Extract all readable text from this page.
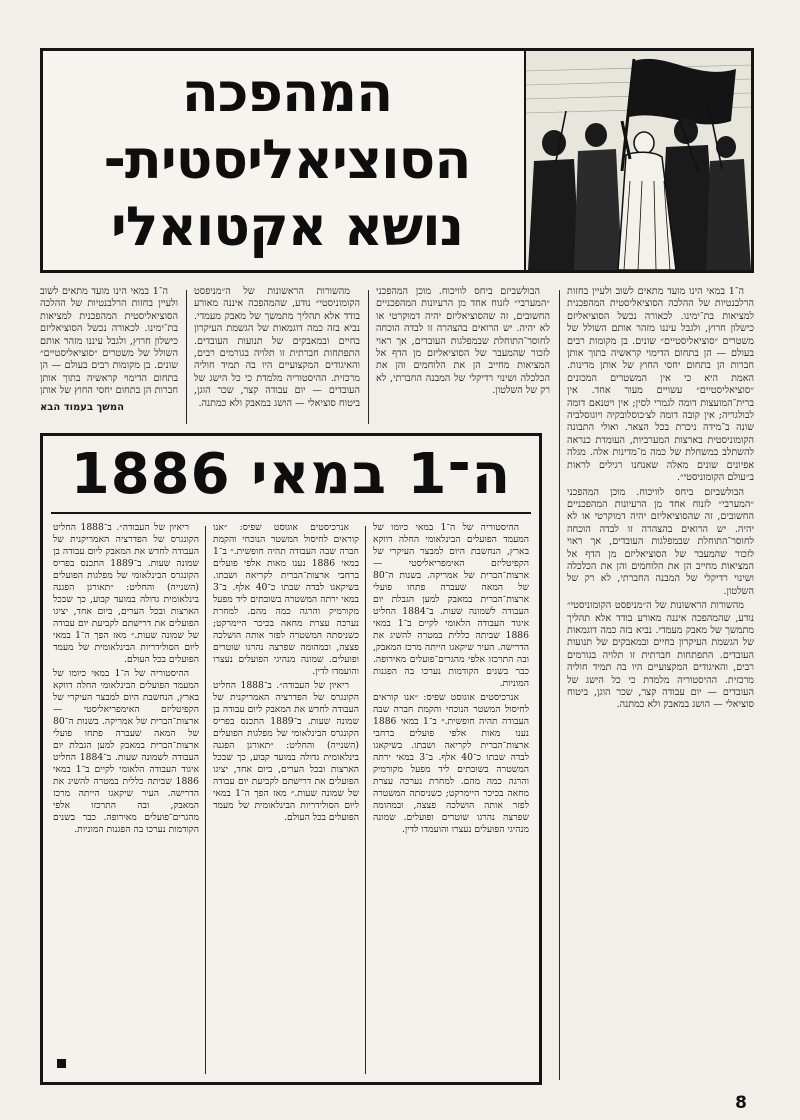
המהפכה
הסוציאליסטית-
נושא אקטואלי

ה־1 במאי הינו מועד מתאים לשוב ולעיין בחזות הרלבנטיות של ההלכה הסוציאליסטית המהפכנית למציאות בת־ימינו. לכאורה נכשל הסוציאליזם כישלון חרוץ, ולגבל עיננו מזהר אותם השולל של משטרים ״סוציאליסטיים״ שונים. בן מקומות רבים בעולם — הן בתחום הדימוי קראשיה בתוך אותן חברות הן בתחום יחסי החוץ של אותן מדינות. האמת היא כי אין המשטרים המכונים ״סוציאליסטיים״ עשויים מעור אחד. אין ברית־המועצות דומה לגמרי לסין; אין ויטנאם דומה לבולגריה; אין קובה דומה לצ׳כוסלובקיה ויוגוסלביה שונה ב־מידה ניכרת בכל הצאר. ואולי התבונה הקומוניסטית בארצות המערביות, העומדת כנראה להשתלב במשחלת של כמה מ־מדינות אלה. מגלה אפיונים שונים מאלה שאנחנו רגילים לראות ב״עולם הקומוניסטי״.

הבולשביזם ביחס לוויכוח. מוכן המהפכני ״המערבי״ לזנוח אחד מן הרעיונות המהפכניים החשובים, זה שהסוציאליזם יהיה דמוקרטי או לא יהיה. יש הרואים בהצהרה זו לבדה הוכחה לחוסר־התוחלת שבמפלגות העובדים, אך ראוי לזכור שהמעבר של הסוציאליזם מן הדף אל המציאות מחייב הן את הלוחמים והן את הכלכלה ושינוי רדיקלי של המבנה החברתי, לא רק של השלטון.

מהשורות הראשונות של ה״מניפסט הקומוניסטי״ נודע, שהמהפכה איננה מאורע בודד אלא תהליך מתמשך של מאבק מעמדי. נביא בזה כמה דוגמאות של הגשמת העיקרון בחיים ובמאבקים של תנועות העובדים. התפתחות חברתית זו תלויה בגורמים רבים, והאיגודים המקצועיים היו בה תמיד חוליה מרכזית. ההיסטוריה מלמדת כי כל הישג של העובדים — יום עבודה קצר, שכר הוגן, ביטוח סוציאלי — הושג במאבק ולא כמתנה.

הבולשביזם ביחס לוויכוח. מוכן המהפכני ״המערבי״ לזנוח אחד מן הרעיונות המהפכניים החשובים, זה שהסוציאליזם יהיה דמוקרטי או לא יהיה. יש הרואים בהצהרה זו לבדה הוכחה לחוסר־התוחלת שבמפלגות העובדים, אך ראוי לזכור שהמעבר של הסוציאליזם מן הדף אל המציאות מחייב הן את הלוחמים והן את הכלכלה ושינוי רדיקלי של המבנה החברתי, לא רק של השלטון.

מהשורות הראשונות של ה״מניפסט הקומוניסטי״ נודע, שהמהפכה איננה מאורע בודד אלא תהליך מתמשך של מאבק מעמדי. נביא בזה כמה דוגמאות של הגשמת העיקרון בחיים ובמאבקים של תנועות העובדים. התפתחות חברתית זו תלויה בגורמים רבים, והאיגודים המקצועיים היו בה תמיד חוליה מרכזית. ההיסטוריה מלמדת כי כל הישג של העובדים — יום עבודה קצר, שכר הוגן, ביטוח סוציאלי — הושג במאבק ולא כמתנה.

ה־1 במאי הינו מועד מתאים לשוב ולעיין בחזות הרלבנטיות של ההלכה הסוציאליסטית המהפכנית למציאות בת־ימינו. לכאורה נכשל הסוציאליזם כישלון חרוץ, ולגבל עיננו מזהר אותם השולל של משטרים ״סוציאליסטיים״ שונים. בן מקומות רבים בעולם — הן בתחום הדימוי קראשיה בתוך אותן חברות הן בתחום יחסי החוץ של אותן

המשך בעמוד הבא
ה־1 במאי 1886

ההיסטוריה של ה־1 במאי כיומו של המעמד הפועלים הבינלאומי החלה דווקא בארץ, הנחשבת היום למבצר העיקרי של הקפיטליזם האימפריאליסטי — ארצות־הברית של אמריקה. בשנות ה־80 של המאה שעברה פתחו פועלי ארצות־הברית במאבק למען הגבלת יום העבודה לשמונה שעות. ב־1884 החליט איגוד העבודה הלאומי לקיים ב־1 במאי 1886 שביתה כללית במטרה להשיג את הדרישה. העיר שיקאגו הייתה מרכז המאבק, ובה התרכזו אלפי מהגרים־פועלים מאירופה. כבר בשנים הקודמות נערכו בה הפגנות המוניות.

אנרכיסטים אוגוסט שפיס: ״אנו קוראים לחיסול המשטר הנוכחי והקמת חברה שבה העבודה תהיה חופשית.״ ב־1 במאי 1886 נענו מאות אלפי פועלים ברחבי ארצות־הברית לקריאה ושבתו. בשיקאגו לבדה שבתו כ־40 אלף. ב־3 במאי ירתה המשטרה בשובתים ליד מפעל מקורמיק והרגה כמה מהם. למחרת נערכה עצרת מחאה בכיכר היימרקט; כשניסתה המשטרה לפזר אותה הושלכה פצצה, ובמהומה שפרצה נהרגו שוטרים ופועלים. שמונה מנהיגי הפועלים נעצרו והועמדו לדין.

אנרכיסטים אוגוסט שפיס: ״אנו קוראים לחיסול המשטר הנוכחי והקמת חברה שבה העבודה תהיה חופשית.״ ב־1 במאי 1886 נענו מאות אלפי פועלים ברחבי ארצות־הברית לקריאה ושבתו. בשיקאגו לבדה שבתו כ־40 אלף. ב־3 במאי ירתה המשטרה בשובתים ליד מפעל מקורמיק והרגה כמה מהם. למחרת נערכה עצרת מחאה בכיכר היימרקט; כשניסתה המשטרה לפזר אותה הושלכה פצצה, ובמהומה שפרצה נהרגו שוטרים ופועלים. שמונה מנהיגי הפועלים נעצרו והועמדו לדין.

ריאיון של העבודה״. ב־1888 החליט הקונגרס של הפדרציה האמריקנית של העבודה לחדש את המאבק ליום עבודה בן שמונה שעות. ב־1889 התכנס בפריס הקונגרס הבינלאומי של מפלגות הפועלים (השנייה) והחליט: ״תאורגן הפגנה בינלאומית גדולה במועד קבוע, כך שבכל הארצות ובכל הערים, ביום אחד, יציגו הפועלים את דרישתם לקביעת יום עבודה של שמונה שעות.״ מאז הפך ה־1 במאי ליום הסולידריות הבינלאומית של מעמד הפועלים בכל העולם.

ריאיון של העבודה״. ב־1888 החליט הקונגרס של הפדרציה האמריקנית של העבודה לחדש את המאבק ליום עבודה בן שמונה שעות. ב־1889 התכנס בפריס הקונגרס הבינלאומי של מפלגות הפועלים (השנייה) והחליט: ״תאורגן הפגנה בינלאומית גדולה במועד קבוע, כך שבכל הארצות ובכל הערים, ביום אחד, יציגו הפועלים את דרישתם לקביעת יום עבודה של שמונה שעות.״ מאז הפך ה־1 במאי ליום הסולידריות הבינלאומית של מעמד הפועלים בכל העולם.

ההיסטוריה של ה־1 במאי כיומו של המעמד הפועלים הבינלאומי החלה דווקא בארץ, הנחשבת היום למבצר העיקרי של הקפיטליזם האימפריאליסטי — ארצות־הברית של אמריקה. בשנות ה־80 של המאה שעברה פתחו פועלי ארצות־הברית במאבק למען הגבלת יום העבודה לשמונה שעות. ב־1884 החליט איגוד העבודה הלאומי לקיים ב־1 במאי 1886 שביתה כללית במטרה להשיג את הדרישה. העיר שיקאגו הייתה מרכז המאבק, ובה התרכזו אלפי מהגרים־פועלים מאירופה. כבר בשנים הקודמות נערכו בה הפגנות המוניות.

8
